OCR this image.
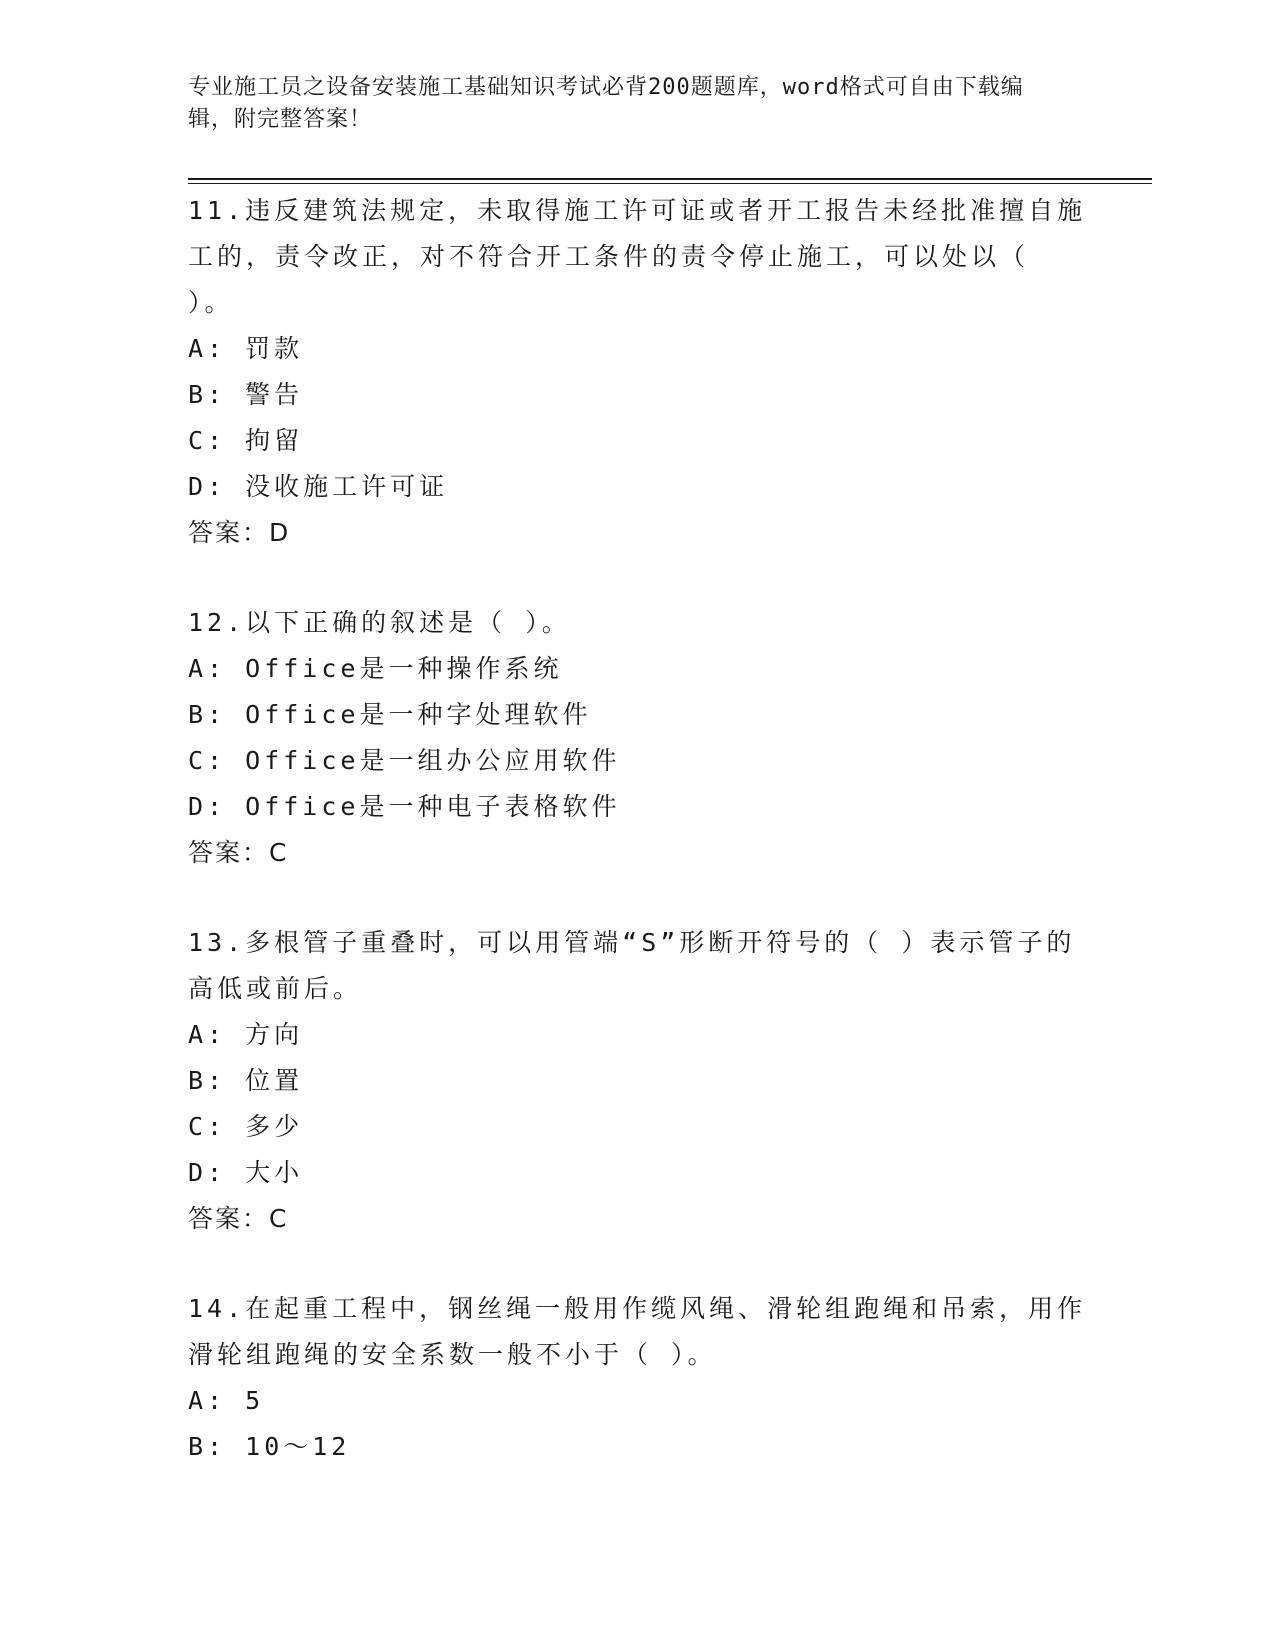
专业施工员之设备安装施工基础知识考试必背200题题库，word格式可自由下载编辑，附完整答案！

11.违反建筑法规定，未取得施工许可证或者开工报告未经批准擅自施工的，责令改正，对不符合开工条件的责令停止施工，可以处以（ ）。

A: 罚款

B: 警告

C: 拘留

D: 没收施工许可证

答案：D

12.以下正确的叙述是（ ）。

A: Office是一种操作系统

B: Office是一种字处理软件

C: Office是一组办公应用软件

D: Office是一种电子表格软件

答案：C

13.多根管子重叠时，可以用管端“S”形断开符号的（ ）表示管子的高低或前后。

A: 方向

B: 位置

C: 多少

D: 大小

答案：C

14.在起重工程中，钢丝绳一般用作缆风绳、滑轮组跑绳和吊索，用作滑轮组跑绳的安全系数一般不小于（ ）。

A: 5

B: 10～12
